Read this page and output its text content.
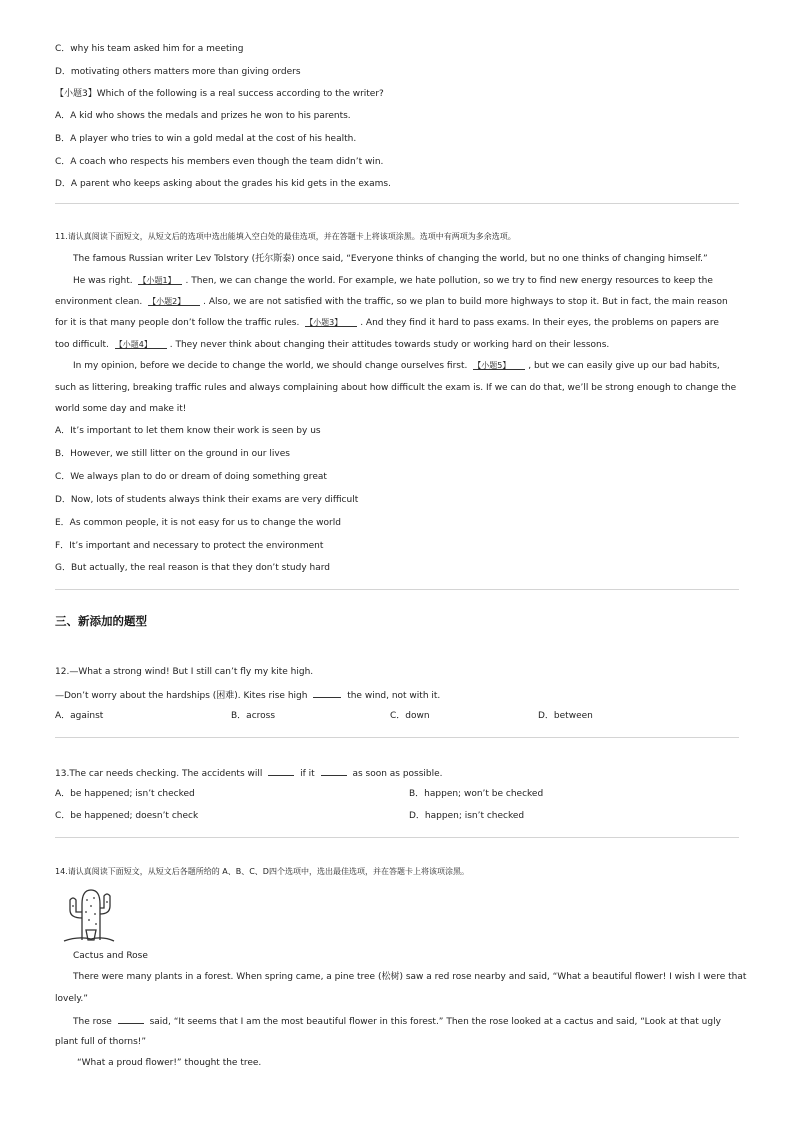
C．why his team asked him for a meeting
D．motivating others matters more than giving orders
【小题3】Which of the following is a real success according to the writer?
A．A kid who shows the medals and prizes he won to his parents.
B．A player who tries to win a gold medal at the cost of his health.
C．A coach who respects his members even though the team didn’t win.
D．A parent who keeps asking about the grades his kid gets in the exams.
11.请认真阅读下面短文，从短文后的选项中选出能填入空白处的最佳选项，并在答题卡上将该项涂黑。选项中有两项为多余选项。
The famous Russian writer Lev Tolstory (托尔斯泰) once said, “Everyone thinks of changing the world, but no one thinks of changing himself.”
He was right. 【小题1】 . Then, we can change the world. For example, we hate pollution, so we try to find new energy resources to keep the
environment clean. 【小题2】 . Also, we are not satisfied with the traffic, so we plan to build more highways to stop it. But in fact, the main reason
for it is that many people don’t follow the traffic rules. 【小题3】 . And they find it hard to pass exams. In their eyes, the problems on papers are
too difficult. 【小题4】 . They never think about changing their attitudes towards study or working hard on their lessons.
In my opinion, before we decide to change the world, we should change ourselves first. 【小题5】 , but we can easily give up our bad habits,
such as littering, breaking traffic rules and always complaining about how difficult the exam is. If we can do that, we’ll be strong enough to change the
world some day and make it!
A．It’s important to let them know their work is seen by us
B．However, we still litter on the ground in our lives
C．We always plan to do or dream of doing something great
D．Now, lots of students always think their exams are very difficult
E．As common people, it is not easy for us to change the world
F．It’s important and necessary to protect the environment
G．But actually, the real reason is that they don’t study hard
三、新添加的题型
12.—What a strong wind! But I still can’t fly my kite high.
—Don’t worry about the hardships (困难). Kites rise high	the wind, not with it.
A．against	B．across	C．down	D．between
13.The car needs checking. The accidents will	if it	as soon as possible.
A．be happened; isn’t checked	B．happen; won’t be checked
C．be happened; doesn’t check	D．happen; isn’t checked
14.请认真阅读下面短文，从短文后各题所给的 A、B、C、D四个选项中，选出最佳选项，并在答题卡上将该项涂黑。
Cactus and Rose
There were many plants in a forest. When spring came, a pine tree (松树) saw a red rose nearby and said, “What a beautiful flower! I wish I were that
lovely.”
The rose	said, “It seems that I am the most beautiful flower in this forest.” Then the rose looked at a cactus and said, “Look at that ugly
plant full of thorns!”
“What a proud flower!” thought the tree.
